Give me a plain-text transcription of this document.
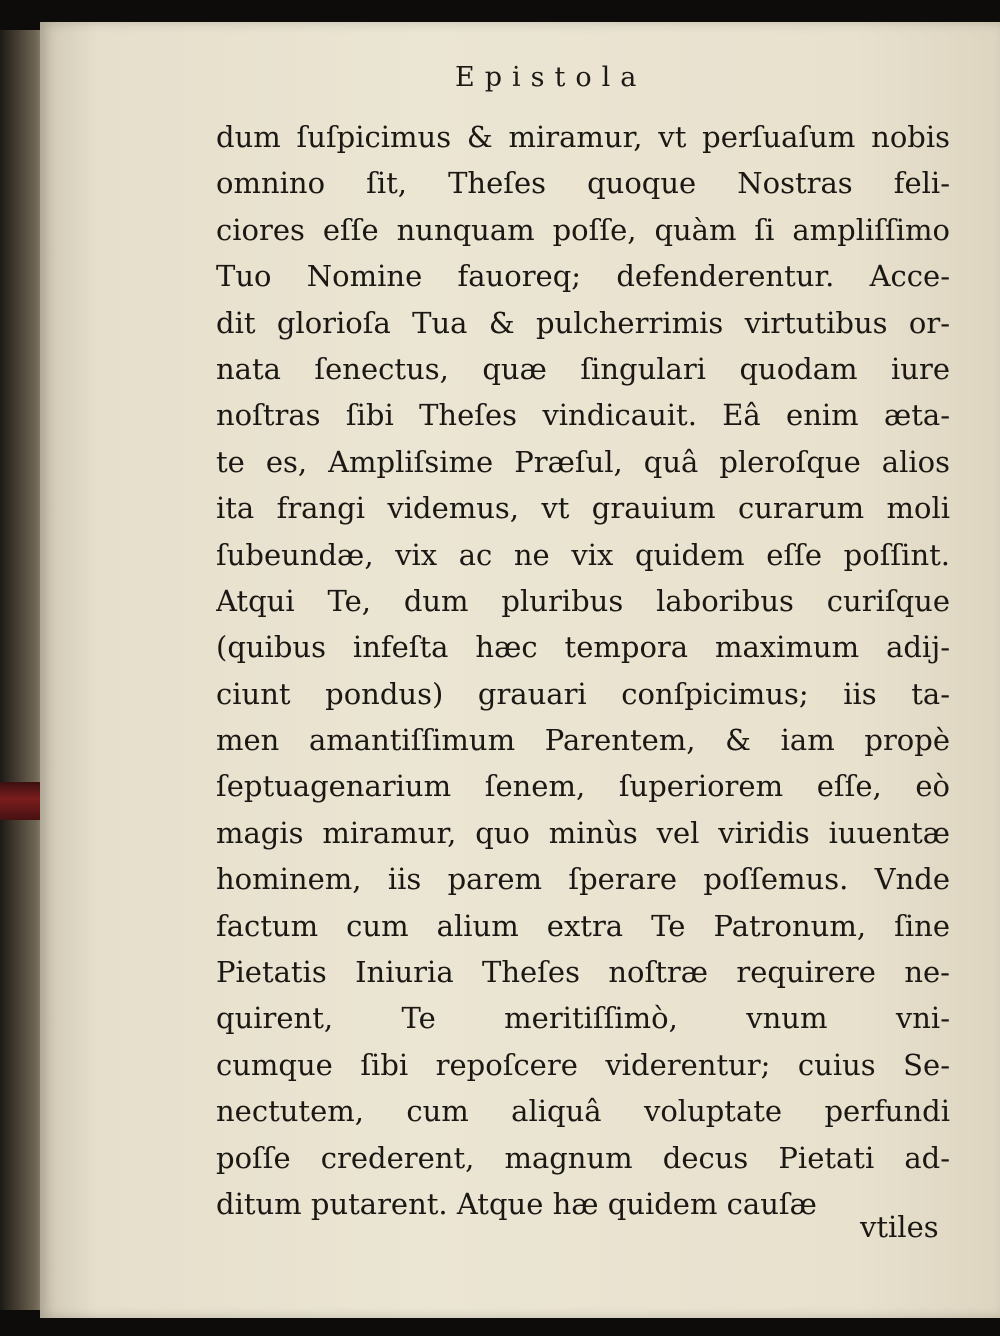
Epistola
dum ſuſpicimus & miramur, vt perſuaſum nobis
omnino ſit, Theſes quoque Nostras feli-
ciores eſſe nunquam poſſe, quàm ſi ampliſſimo
Tuo Nomine fauoreq; defenderentur. Acce-
dit glorioſa Tua & pulcherrimis virtutibus or-
nata ſenectus, quæ ſingulari quodam iure
noſtras ſibi Theſes vindicauit. Eâ enim ætа-
te es, Ampliſsime Præſul, quâ pleroſque alios
ita frangi videmus, vt grauium curarum moli
ſubeundæ, vix ac ne vix quidem eſſe poſſint.
Atqui Te, dum pluribus laboribus curiſque
(quibus infeſta hæc tempora maximum adij-
ciunt pondus) grauari conſpicimus; iis ta-
men amantiſſimum Parentem, & iam propè
ſeptuagenarium ſenem, ſuperiorem eſſe, eò
magis miramur, quo minùs vel viridis iuuentæ
hominem, iis parem ſperare poſſemus. Vnde
factum cum alium extra Te Patronum, ſine
Pietatis Iniuria Theſes noſtræ requirere ne-
quirent, Te meritiſſimò, vnum vni-
cumque ſibi repoſcere viderentur; cuius Se-
nectutem, cum aliquâ voluptate perfundi
poſſe crederent, magnum decus Pietati ad-
ditum putarent. Atque hæ quidem cauſæ
vtiles
